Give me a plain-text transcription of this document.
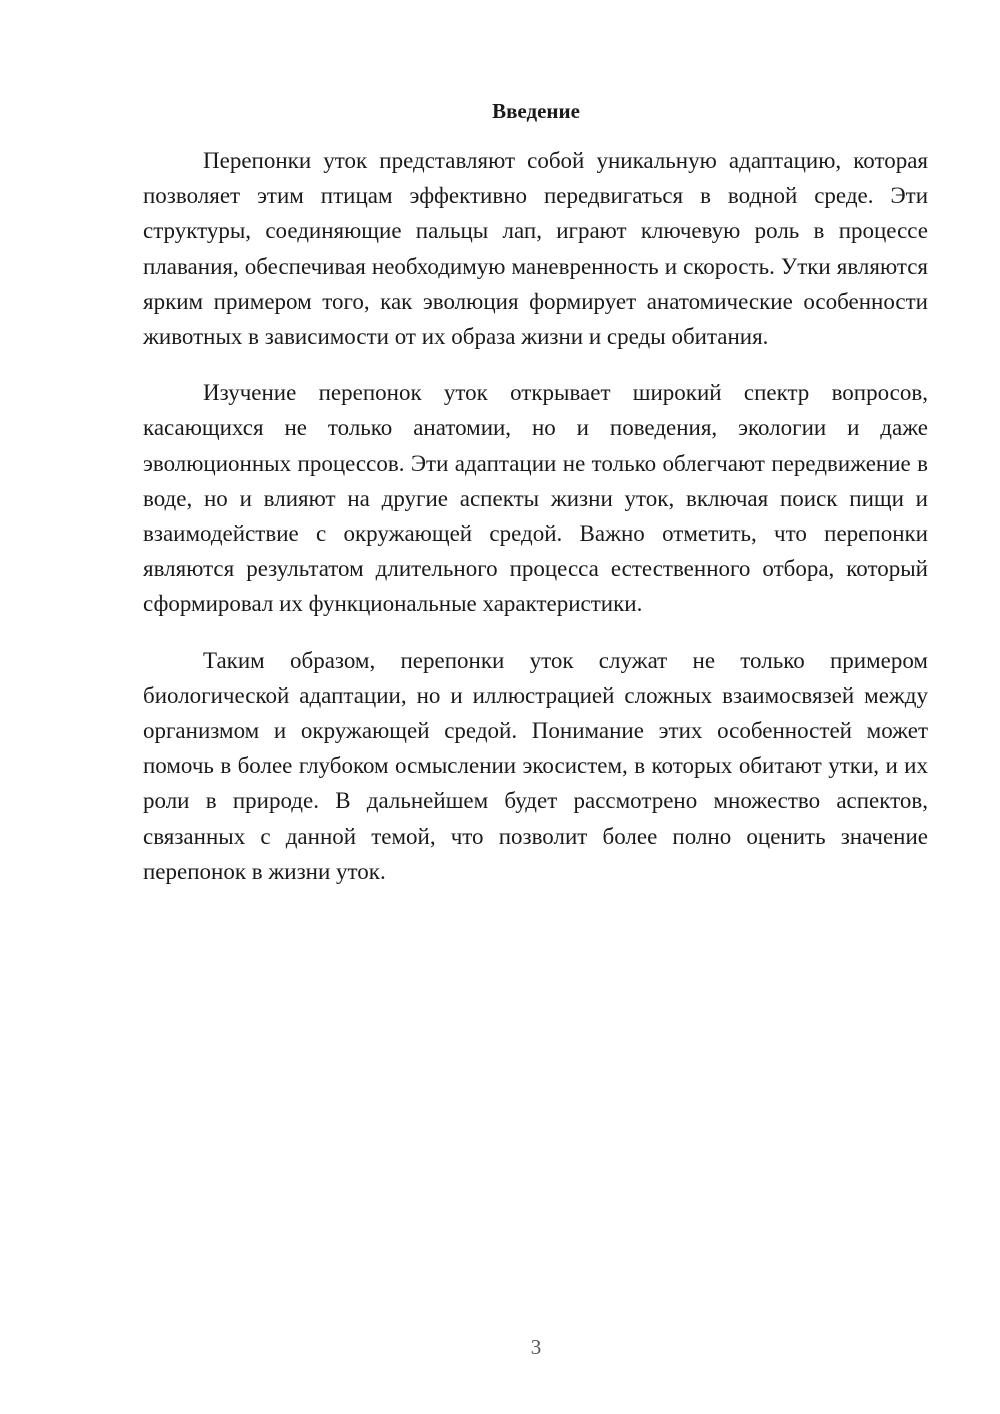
Введение

Перепонки уток представляют собой уникальную адаптацию, которая позволяет этим птицам эффективно передвигаться в водной среде. Эти структуры, соединяющие пальцы лап, играют ключевую роль в процессе плавания, обеспечивая необходимую маневренность и скорость. Утки являются ярким примером того, как эволюция формирует анатомические особенности животных в зависимости от их образа жизни и среды обитания.

Изучение перепонок уток открывает широкий спектр вопросов, касающихся не только анатомии, но и поведения, экологии и даже эволюционных процессов. Эти адаптации не только облегчают передвижение в воде, но и влияют на другие аспекты жизни уток, включая поиск пищи и взаимодействие с окружающей средой. Важно отметить, что перепонки являются результатом длительного процесса естественного отбора, который сформировал их функциональные характеристики.

Таким образом, перепонки уток служат не только примером биологической адаптации, но и иллюстрацией сложных взаимосвязей между организмом и окружающей средой. Понимание этих особенностей может помочь в более глубоком осмыслении экосистем, в которых обитают утки, и их роли в природе. В дальнейшем будет рассмотрено множество аспектов, связанных с данной темой, что позволит более полно оценить значение перепонок в жизни уток.

3
